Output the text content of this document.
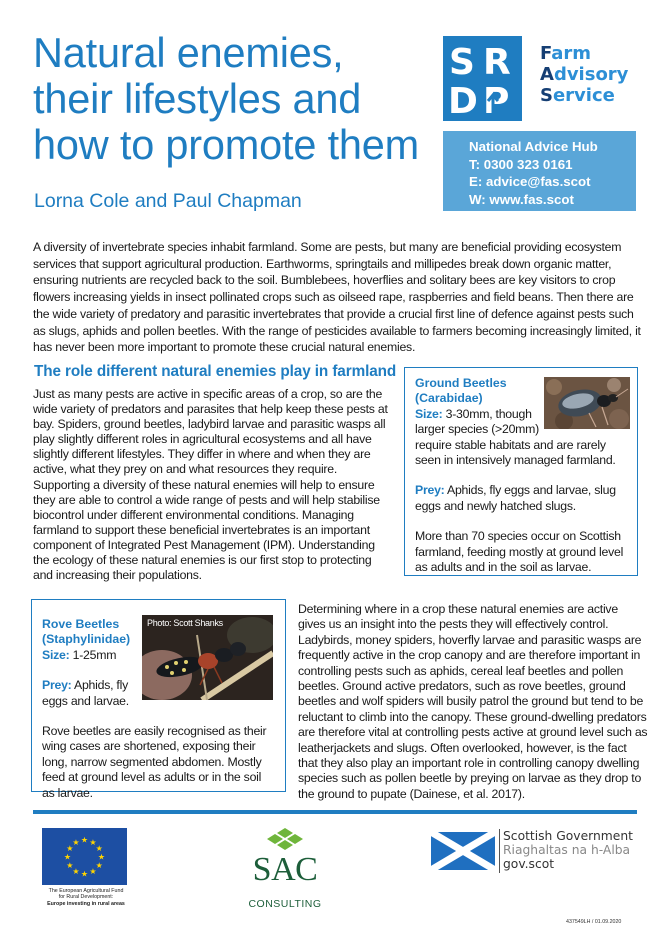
Natural enemies,
their lifestyles and
how to promote them
Lorna Cole and Paul Chapman
S R
D P
Farm
Advisory
Service
National Advice Hub
T: 0300 323 0161
E: advice@fas.scot
W: www.fas.scot

A diversity of invertebrate species inhabit farmland. Some are pests, but many are beneficial providing ecosystem services that support agricultural production. Earthworms, springtails and millipedes break down organic matter, ensuring nutrients are recycled back to the soil. Bumblebees, hoverflies and solitary bees are key visitors to crop flowers increasing yields in insect pollinated crops such as oilseed rape, raspberries and field beans. Then there are the wide variety of predatory and parasitic invertebrates that provide a crucial first line of defence against pests such as slugs, aphids and pollen beetles. With the range of pesticides available to farmers becoming increasingly limited, it has never been more important to promote these crucial natural enemies.

The role different natural enemies play in farmland

Just as many pests are active in specific areas of a crop, so are the wide variety of predators and parasites that help keep these pests at bay. Spiders, ground beetles, ladybird larvae and parasitic wasps all play slightly different roles in agricultural ecosystems and all have slightly different lifestyles. They differ in where and when they are active, what they prey on and what resources they require. Supporting a diversity of these natural enemies will help to ensure they are able to control a wide range of pests and will help stabilise biocontrol under different environmental conditions. Managing farmland to support these beneficial invertebrates is an important component of Integrated Pest Management (IPM). Understanding the ecology of these natural enemies is our first stop to protecting and increasing their populations.

Ground Beetles
(Carabidae)
Size: 3-30mm, though
larger species (>20mm)
require stable habitats and are rarely seen in intensively managed farmland.
Prey: Aphids, fly eggs and larvae, slug eggs and newly hatched slugs.
More than 70 species occur on Scottish farmland, feeding mostly at ground level as adults and in the soil as larvae.
Rove Beetles
(Staphylinidae)
Size: 1-25mm
Prey: Aphids, fly eggs and larvae.
Rove beetles are easily recognised as their wing cases are shortened, exposing their long, narrow segmented abdomen. Mostly feed at ground level as adults or in the soil as larvae.
Photo: Scott Shanks

Determining where in a crop these natural enemies are active gives us an insight into the pests they will effectively control. Ladybirds, money spiders, hoverfly larvae and parasitic wasps are frequently active in the crop canopy and are therefore important in controlling pests such as aphids, cereal leaf beetles and pollen beetles. Ground active predators, such as rove beetles, ground beetles and wolf spiders will busily patrol the ground but tend to be reluctant to climb into the canopy. These ground-dwelling predators are therefore vital at controlling pests active at ground level such as leatherjackets and slugs. Often overlooked, however, is the fact that they also play an important role in controlling canopy dwelling species such as pollen beetle by preying on larvae as they drop to the ground to pupate (Dainese, et al. 2017).

★ ★
★
★
★
★
★
★
★
★
★
★
The European Agricultural Fund
for Rural Development:
Europe investing in rural areas
SAC
CONSULTING
Scottish Government
Riaghaltas na h-Alba
gov.scot
437549LH / 01.09.2020
